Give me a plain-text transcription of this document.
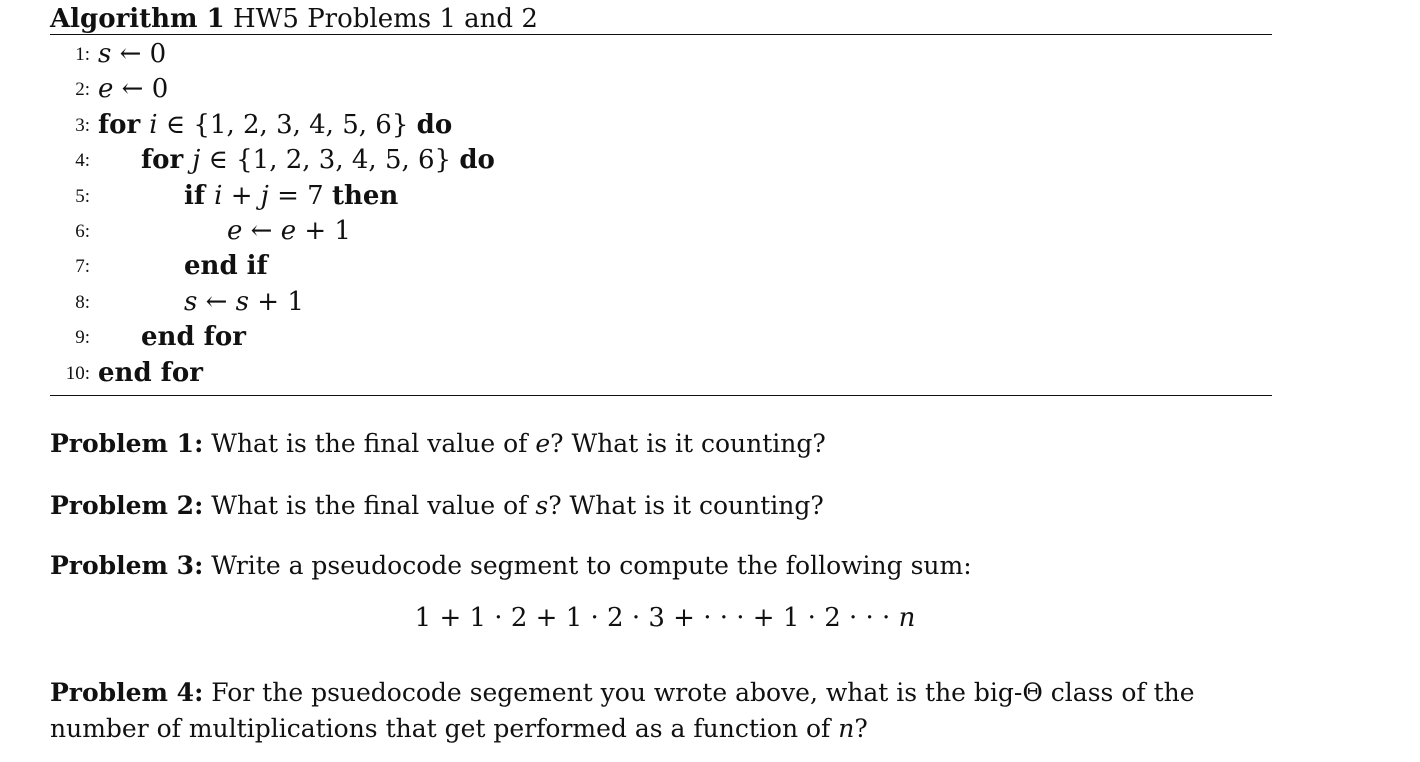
Algorithm 1 HW5 Problems 1 and 2
1: s ← 0
2: e ← 0
3: for i ∈ {1, 2, 3, 4, 5, 6} do
4: for j ∈ {1, 2, 3, 4, 5, 6} do
5:	if i + j = 7 then
6:	e ← e + 1
7:	end if
8:	s ← s + 1
9: end for
10: end for
Problem 1: What is the final value of e? What is it counting?
Problem 2: What is the final value of s? What is it counting?
Problem 3: Write a pseudocode segment to compute the following sum:
1 + 1 · 2 + 1 · 2 · 3 + · · · + 1 · 2 · · · n
Problem 4: For the psuedocode segement you wrote above, what is the big-Θ class of the number of multiplications that get performed as a function of n?
